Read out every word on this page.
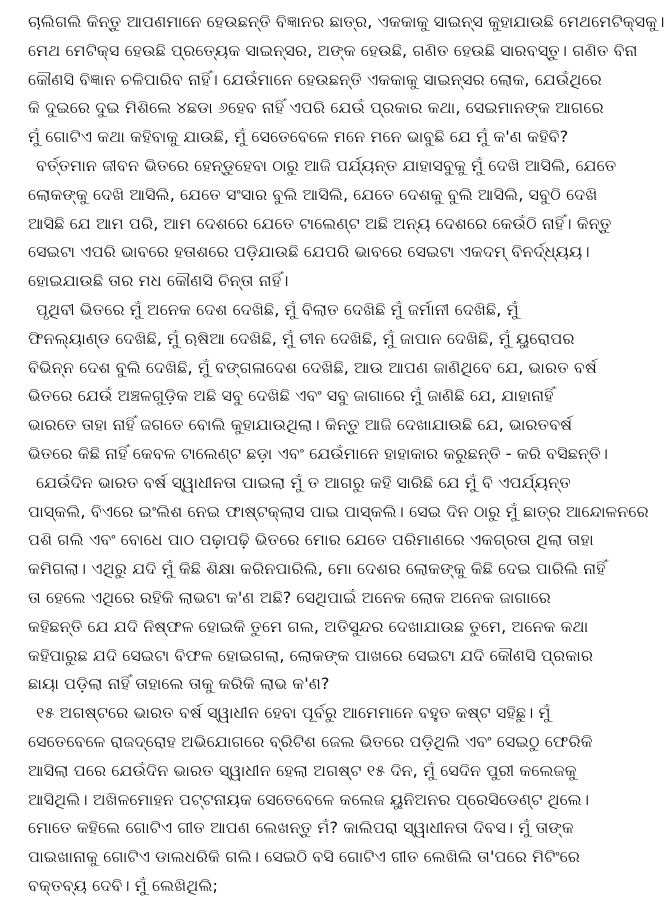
ଚାଲିଗଲି କିନ୍ତୁ ଆପଣମାନେ ହେଉଛନ୍ତି ବିଜ୍ଞାନର ଛାତ୍ର, ଏକକାକୁ ସାଇନ୍ସ କୁହାଯାଉଛି ମେଥମେଟିକ୍ସକୁ।
ମେଥ ମେଟିକ୍ସ ହେଉଛି ପ୍ରତ୍ୟେକ ସାଇନ୍ସର, ଅଙ୍କ ହେଉଛି, ଗଣିତ ହେଉଛି ସାରବସ୍ତୁ। ଗଣିତ ବିନା
କୌଣସି ବିଜ୍ଞାନ ଚଳିପାରିବ ନାହିଁ। ଯେଉଁମାନେ ହେଉଛନ୍ତି ଏକକାକୁ ସାଇନ୍ସର ଲୋକ, ଯେଉଁଥିରେ
କି ଦୁଇରେ ଦୁଇ ମିଶିଲେ ୪ଛଡା ୬ହେବ ନାହିଁ ଏପରି ଯେଉଁ ପ୍ରକାର କଥା, ସେଇମାନଙ୍କ ଆଗରେ
ମୁଁ ଗୋଟିଏ କଥା କହିବାକୁ ଯାଉଛି, ମୁଁ ସେତେବେଳେ ମନେ ମନେ ଭାବୁଛି ଯେ ମୁଁ କ'ଣ କହିବି?
ବର୍ତ୍ତମାନ ଜୀବନ ଭିତରେ ହେନ୍ଡୁହେବା ଠାରୁ ଆଜି ପର୍ଯ୍ୟନ୍ତ ଯାହାସବୁକୁ ମୁଁ ଦେଖି ଆସିଲି, ଯେତେ
ଲୋକଙ୍କୁ ଦେଖି ଆସିଲି, ଯେତେ ସଂସାର ବୁଲି ଆସିଲି, ଯେତେ ଦେଶକୁ ବୁଲି ଆସିଲି, ସବୁଠି ଦେଖି
ଆସିଛି ଯେ ଆମ ପରି, ଆମ ଦେଶରେ ଯେତେ ଟାଲେଣ୍ଟ ଅଛି ଅନ୍ୟ ଦେଶରେ କେଉଁଠି ନାହିଁ। କିନ୍ତୁ
ସେଇଟା ଏପରି ଭାବରେ ହତାଶରେ ପଡ଼ିଯାଉଛି ଯେପରି ଭାବରେ ସେଇଟା ଏକଦମ୍ ବିନର୍ଦ୍ଧ୍ୟୟ।
ହୋଇଯାଉଛି ତାର ମଧ କୌଣସି ଚିନ୍ତା ନାହିଁ।
ପୃଥିବୀ ଭିତରେ ମୁଁ ଅନେକ ଦେଶ ଦେଖିଛି, ମୁଁ ବିଲାତ ଦେଖିଛି ମୁଁ ଜର୍ମାନୀ ଦେଖିଛି, ମୁଁ
ଫିନଲ୍ୟାଣ୍ଡ ଦେଖିଛି, ମୁଁ ଋଷିଆ ଦେଖିଛି, ମୁଁ ଚୀନ ଦେଖିଛି, ମୁଁ ଜାପାନ ଦେଖିଛି, ମୁଁ ୟୁରୋପର
ବିଭିନ୍ନ ଦେଶ ବୁଲି ଦେଖିଛି, ମୁଁ ବଙ୍ଗଳାଦେଶ ଦେଖିଛି, ଆଉ ଆପଣ ଜାଣିଥିବେ ଯେ, ଭାରତ ବର୍ଷ
ଭିତରେ ଯେଉଁ ଅଞ୍ଚଳଗୁଡ଼ିକ ଅଛି ସବୁ ଦେଖିଛି ଏବଂ ସବୁ ଜାଗାରେ ମୁଁ ଜାଣିଛି ଯେ, ଯାହାନାହିଁ
ଭାରତେ ତାହା ନାହିଁ ଜଗତେ ବୋଲି କୁହାଯାଉଥିଲା। କିନ୍ତୁ ଆଜି ଦେଖାଯାଉଛି ଯେ, ଭାରତବର୍ଷ
ଭିତରେ କିଛି ନାହିଁ କେବଳ ଟାଲେଣ୍ଟ ଛଡ଼ା ଏବଂ ଯେଉଁମାନେ ହାହାକାର କରୁଛନ୍ତି - କରି ବସିଛନ୍ତି।
ଯେଉଁଦିନ ଭାରତ ବର୍ଷ ସ୍ୱାଧୀନତା ପାଇଲା ମୁଁ ତ ଆଗରୁ କହି ସାରିଛି ଯେ ମୁଁ ବି ଏପର୍ଯ୍ୟନ୍ତ
ପାସ୍‌କଲି, ବିଏରେ ଇଂଲିଶ ନେଇ ଫାଷ୍ଟକ୍ଲାସ ପାଇ ପାସ୍‌କଲି। ସେଇ ଦିନ ଠାରୁ ମୁଁ ଛାତ୍ର ଆନ୍ଦୋଳନରେ
ପଶି ଗଲି ଏବଂ ବୋଧେ ପାଠ ପଢ଼ାପଢ଼ି ଭିତରେ ମୋର ଯେତେ ପରିମାଣରେ ଏକଗ୍ରତା ଥିଲା ତାହା
କମିଗଲା। ଏଥିରୁ ଯଦି ମୁଁ କିଛି ଶିକ୍ଷା କରିନପାରିଲି, ମୋ ଦେଶର ଲୋକଙ୍କୁ କିଛି ଦେଇ ପାରିଲି ନାହିଁ
ତା ହେଲେ ଏଥିରେ ରହିକି ଲାଭଟା କ'ଣ ଅଛି? ସେଥିପାଇଁ ଅନେକ ଲୋକ ଅନେକ ଜାଗାରେ
କହିଛନ୍ତି ଯେ ଯଦି ନିଷ୍ଫଳ ହୋଇକି ତୁମେ ଗଲ, ଅତିସୁନ୍ଦର ଦେଖାଯାଉଛ ତୁମେ, ଅନେକ କଥା
କହିପାରୁଛ ଯଦି ସେଇଟା ବିଫଳ ହୋଇଗଲା, ଲୋକଙ୍କ ପାଖରେ ସେଇଟା ଯଦି କୌଣସି ପ୍ରକାର
ଛାୟା ପଡ଼ିଲା ନାହିଁ ତାହାଲେ ତାକୁ କରିକି ଲାଭ କ'ଣ?
୧୫ ଅଗଷ୍ଟରେ ଭାରତ ବର୍ଷ ସ୍ୱାଧୀନ ହେବା ପୂର୍ବରୁ ଆମେମାନେ ବହୁତ କଷ୍ଟ ସହିଛୁ। ମୁଁ
ସେତେବେଳେ ରାଜଦ୍ରୋହ ଅଭିଯୋଗରେ ବ୍ରିଟିଶ ଜେଲ ଭିତରେ ପଡ଼ିଥିଲି ଏବଂ ସେଇଠୁ ଫେରିକି
ଆସିଲା ପରେ ଯେଉଁଦିନ ଭାରତ ସ୍ୱାଧୀନ ହେଲା ଅଗଷ୍ଟ ୧୫ ଦିନ, ମୁଁ ସେଦିନ ପୁରୀ କଲେଜକୁ
ଆସିଥିଲି। ଅଖିଳମୋହନ ପଟ୍ଟନାୟକ ସେତେବେଳେ କଲେଜ ୟୁନିଅନର ପ୍ରେସିଡେଣ୍ଟ ଥିଲେ।
ମୋତେ କହିଲେ ଗୋଟିଏ ଗୀତ ଆପଣ ଲେଖନ୍ତୁ ମଁ? କାଲିପରା ସ୍ୱାଧୀନତା ଦିବସ। ମୁଁ ତାଙ୍କ
ପାଇଖାନାକୁ ଗୋଟିଏ ଡାଲଧରିକି ଗଲି। ସେଇଠି ବସି ଗୋଟିଏ ଗୀତ ଲେଖିଲି ତା'ପରେ ମିଟିଂରେ
ବକ୍ତବ୍ୟ ଦେବି। ମୁଁ ଲେଖିଥିଲି;
